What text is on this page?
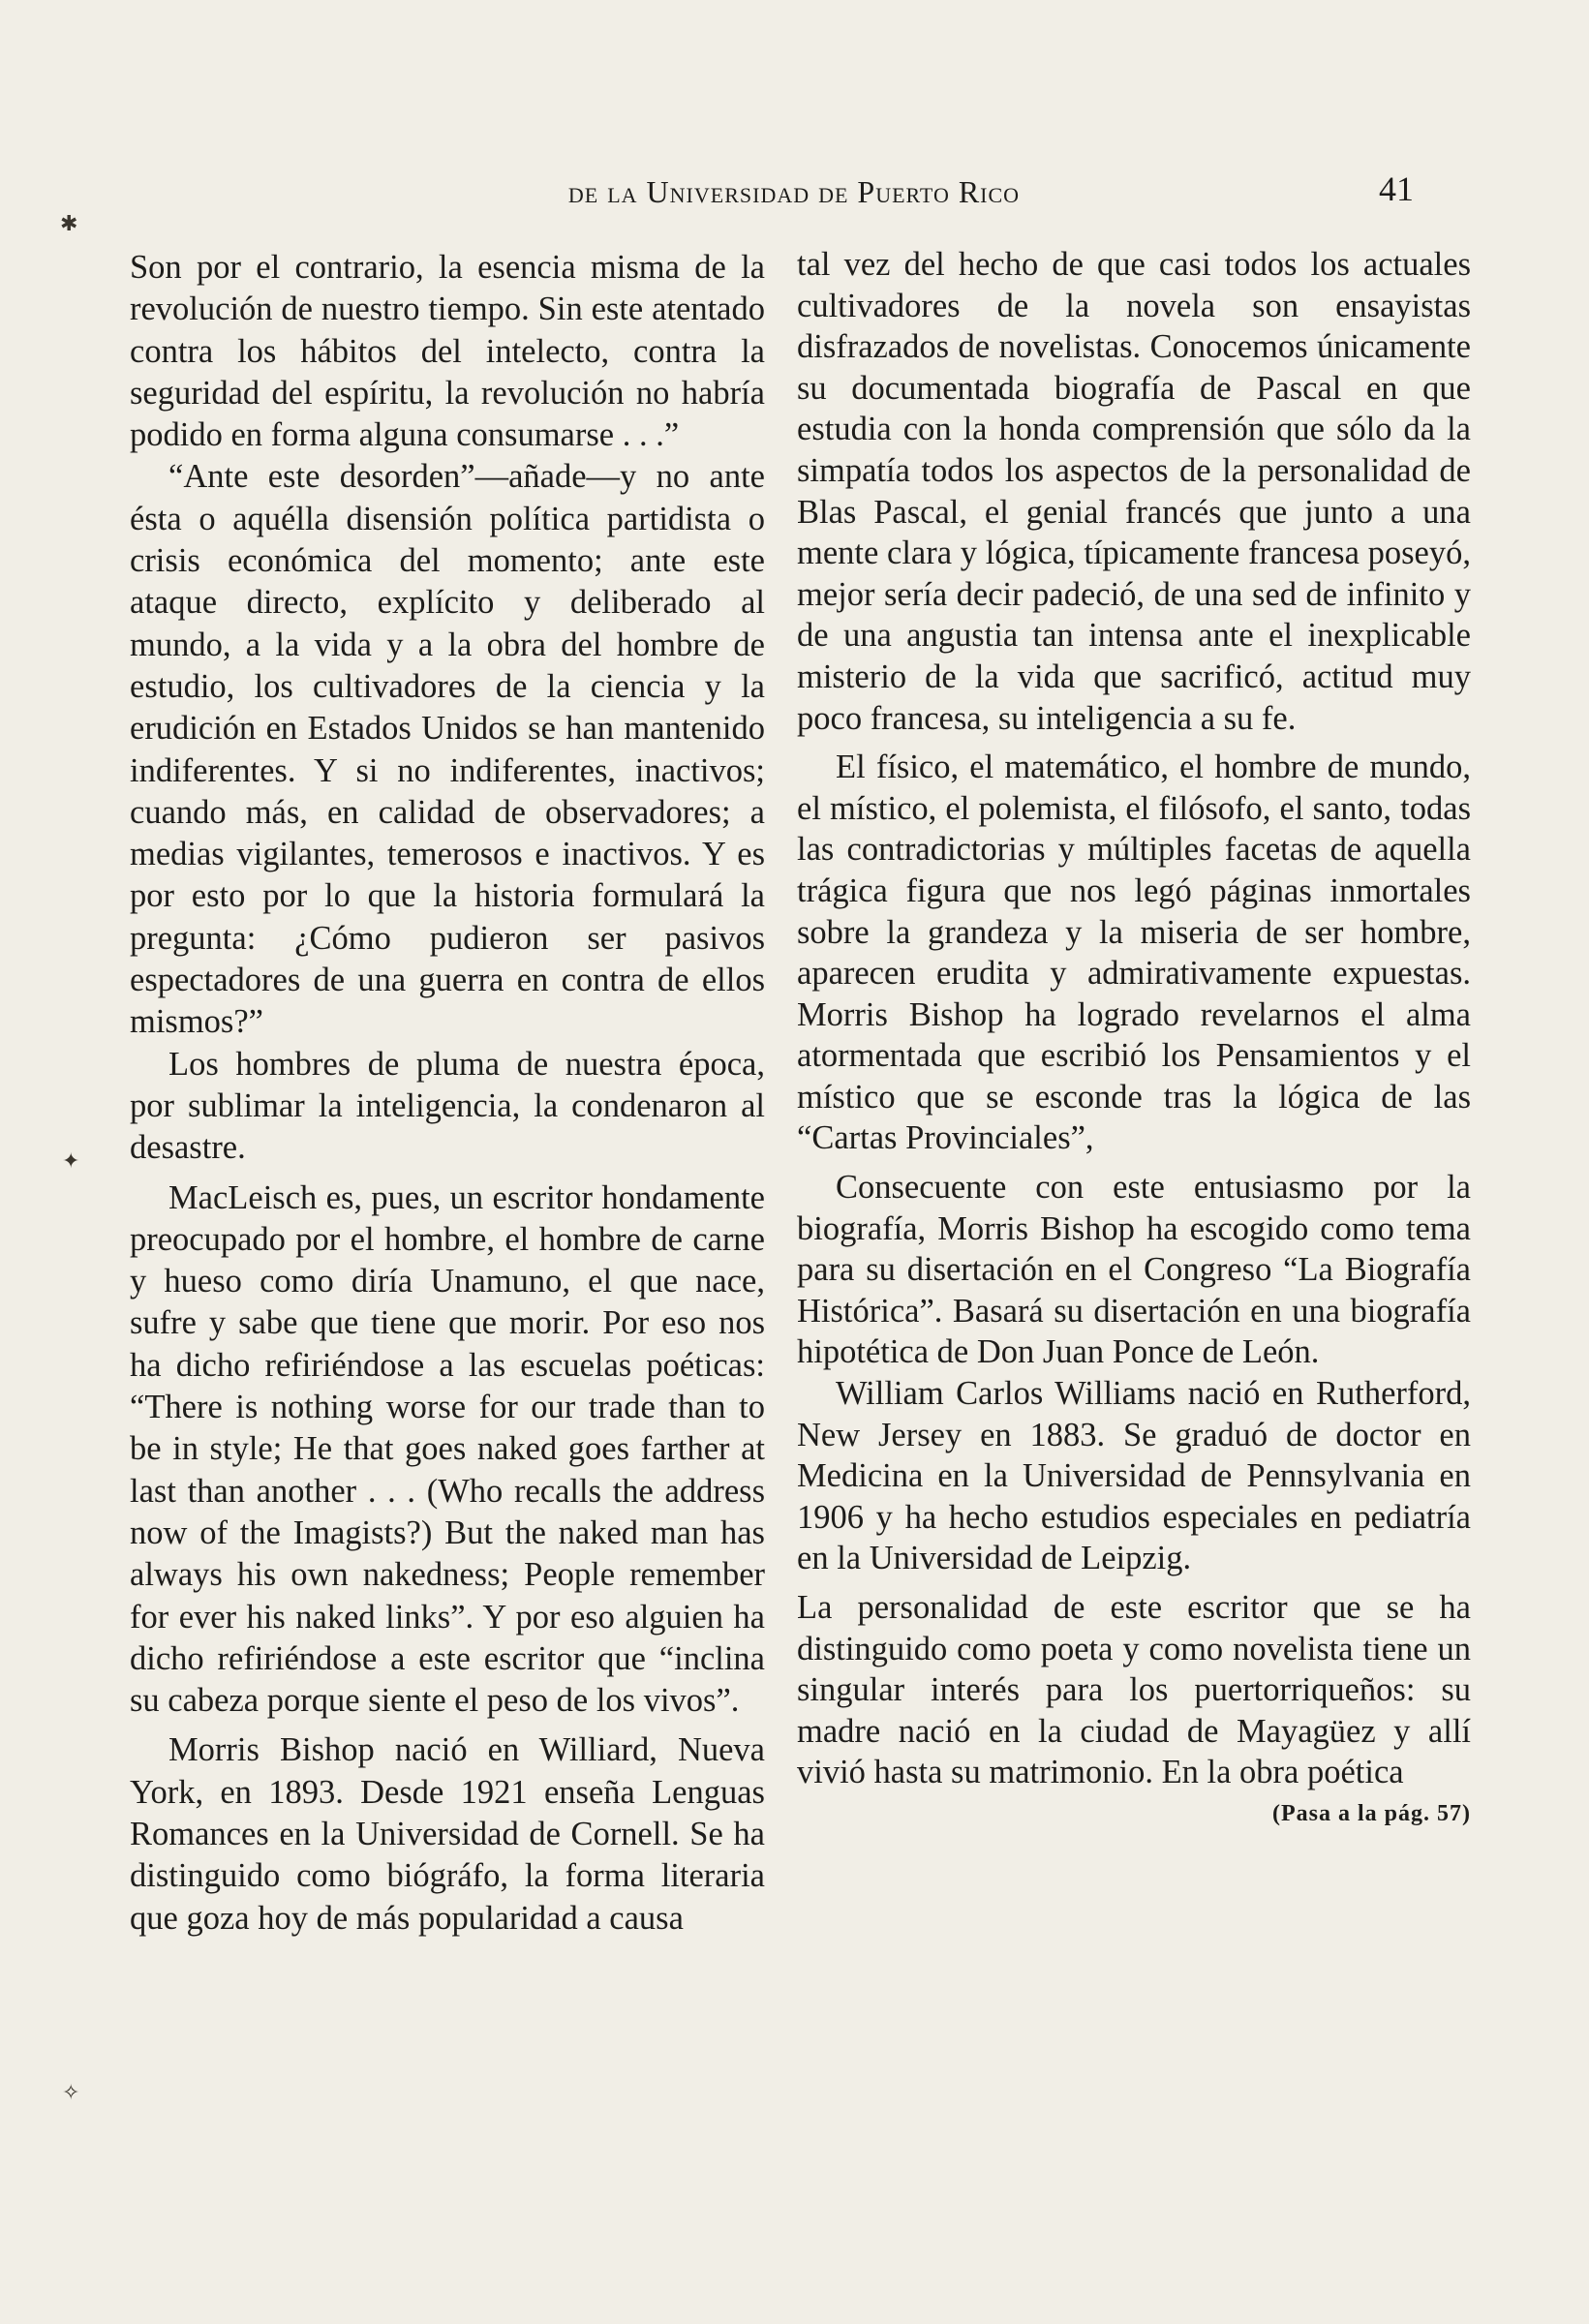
de la Universidad de Puerto Rico	41

Son por el contrario, la esencia misma de la revolución de nuestro tiempo. Sin este atentado contra los hábitos del intelecto, contra la seguridad del espíritu, la revolución no habría podido en forma alguna consumarse . . .”

“Ante este desorden”—añade—y no ante ésta o aquélla disensión política partidista o crisis económica del momento; ante este ataque directo, explícito y deliberado al mundo, a la vida y a la obra del hombre de estudio, los cultivadores de la ciencia y la erudición en Estados Unidos se han mantenido indiferentes. Y si no indiferentes, inactivos; cuando más, en calidad de observadores; a medias vigilantes, temerosos e inactivos. Y es por esto por lo que la historia formulará la pregunta: ¿Cómo pudieron ser pasivos espectadores de una guerra en contra de ellos mismos?”

Los hombres de pluma de nuestra época, por sublimar la inteligencia, la condenaron al desastre.

MacLeisch es, pues, un escritor hondamente preocupado por el hombre, el hombre de carne y hueso como diría Unamuno, el que nace, sufre y sabe que tiene que morir. Por eso nos ha dicho refiriéndose a las escuelas poéticas: “There is nothing worse for our trade than to be in style; He that goes naked goes farther at last than another . . . (Who recalls the address now of the Imagists?) But the naked man has always his own nakedness; People remember for ever his naked links”. Y por eso alguien ha dicho refiriéndose a este escritor que “inclina su cabeza porque siente el peso de los vivos”.

Morris Bishop nació en Williard, Nueva York, en 1893. Desde 1921 enseña Lenguas Romances en la Universidad de Cornell. Se ha distinguido como biógráfo, la forma literaria que goza hoy de más popularidad a causa

tal vez del hecho de que casi todos los actuales cultivadores de la novela son ensayistas disfrazados de novelistas. Conocemos únicamente su documentada biografía de Pascal en que estudia con la honda comprensión que sólo da la simpatía todos los aspectos de la personalidad de Blas Pascal, el genial francés que junto a una mente clara y lógica, típicamente francesa poseyó, mejor sería decir padeció, de una sed de infinito y de una angustia tan intensa ante el inexplicable misterio de la vida que sacrificó, actitud muy poco francesa, su inteligencia a su fe.

El físico, el matemático, el hombre de mundo, el místico, el polemista, el filósofo, el santo, todas las contradictorias y múltiples facetas de aquella trágica figura que nos legó páginas inmortales sobre la grandeza y la miseria de ser hombre, aparecen erudita y admirativamente expuestas. Morris Bishop ha logrado revelarnos el alma atormentada que escribió los Pensamientos y el místico que se esconde tras la lógica de las “Cartas Provinciales”,

Consecuente con este entusiasmo por la biografía, Morris Bishop ha escogido como tema para su disertación en el Congreso “La Biografía Histórica”. Basará su disertación en una biografía hipotética de Don Juan Ponce de León.

William Carlos Williams nació en Rutherford, New Jersey en 1883. Se graduó de doctor en Medicina en la Universidad de Pennsylvania en 1906 y ha hecho estudios especiales en pediatría en la Universidad de Leipzig.

La personalidad de este escritor que se ha distinguido como poeta y como novelista tiene un singular interés para los puertorriqueños: su madre nació en la ciudad de Mayagüez y allí vivió hasta su matrimonio. En la obra poética

(Pasa a la pág. 57)

✱
✦
✧
